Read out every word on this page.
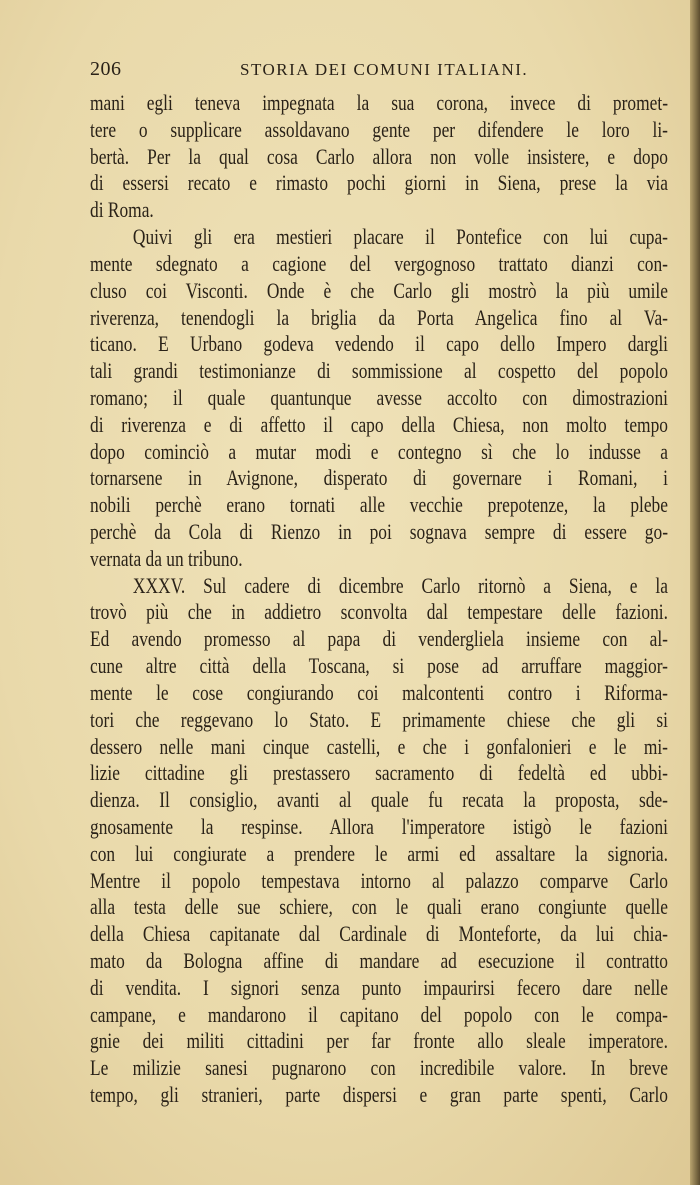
206	STORIA DEI COMUNI ITALIANI.
mani egli teneva impegnata la sua corona, invece di promet-
tere o supplicare assoldavano gente per difendere le loro li-
bertà. Per la qual cosa Carlo allora non volle insistere, e dopo
di essersi recato e rimasto pochi giorni in Siena, prese la via
di Roma.
Quivi gli era mestieri placare il Pontefice con lui cupa-
mente sdegnato a cagione del vergognoso trattato dianzi con-
cluso coi Visconti. Onde è che Carlo gli mostrò la più umile
riverenza, tenendogli la briglia da Porta Angelica fino al Va-
ticano. E Urbano godeva vedendo il capo dello Impero dargli
tali grandi testimonianze di sommissione al cospetto del popolo
romano; il quale quantunque avesse accolto con dimostrazioni
di riverenza e di affetto il capo della Chiesa, non molto tempo
dopo cominciò a mutar modi e contegno sì che lo indusse a
tornarsene in Avignone, disperato di governare i Romani, i
nobili perchè erano tornati alle vecchie prepotenze, la plebe
perchè da Cola di Rienzo in poi sognava sempre di essere go-
vernata da un tribuno.
XXXV. Sul cadere di dicembre Carlo ritornò a Siena, e la
trovò più che in addietro sconvolta dal tempestare delle fazioni.
Ed avendo promesso al papa di vendergliela insieme con al-
cune altre città della Toscana, si pose ad arruffare maggior-
mente le cose congiurando coi malcontenti contro i Riforma-
tori che reggevano lo Stato. E primamente chiese che gli si
dessero nelle mani cinque castelli, e che i gonfalonieri e le mi-
lizie cittadine gli prestassero sacramento di fedeltà ed ubbi-
dienza. Il consiglio, avanti al quale fu recata la proposta, sde-
gnosamente la respinse. Allora l'imperatore istigò le fazioni
con lui congiurate a prendere le armi ed assaltare la signoria.
Mentre il popolo tempestava intorno al palazzo comparve Carlo
alla testa delle sue schiere, con le quali erano congiunte quelle
della Chiesa capitanate dal Cardinale di Monteforte, da lui chia-
mato da Bologna affine di mandare ad esecuzione il contratto
di vendita. I signori senza punto impaurirsi fecero dare nelle
campane, e mandarono il capitano del popolo con le compa-
gnie dei militi cittadini per far fronte allo sleale imperatore.
Le milizie sanesi pugnarono con incredibile valore. In breve
tempo, gli stranieri, parte dispersi e gran parte spenti, Carlo
